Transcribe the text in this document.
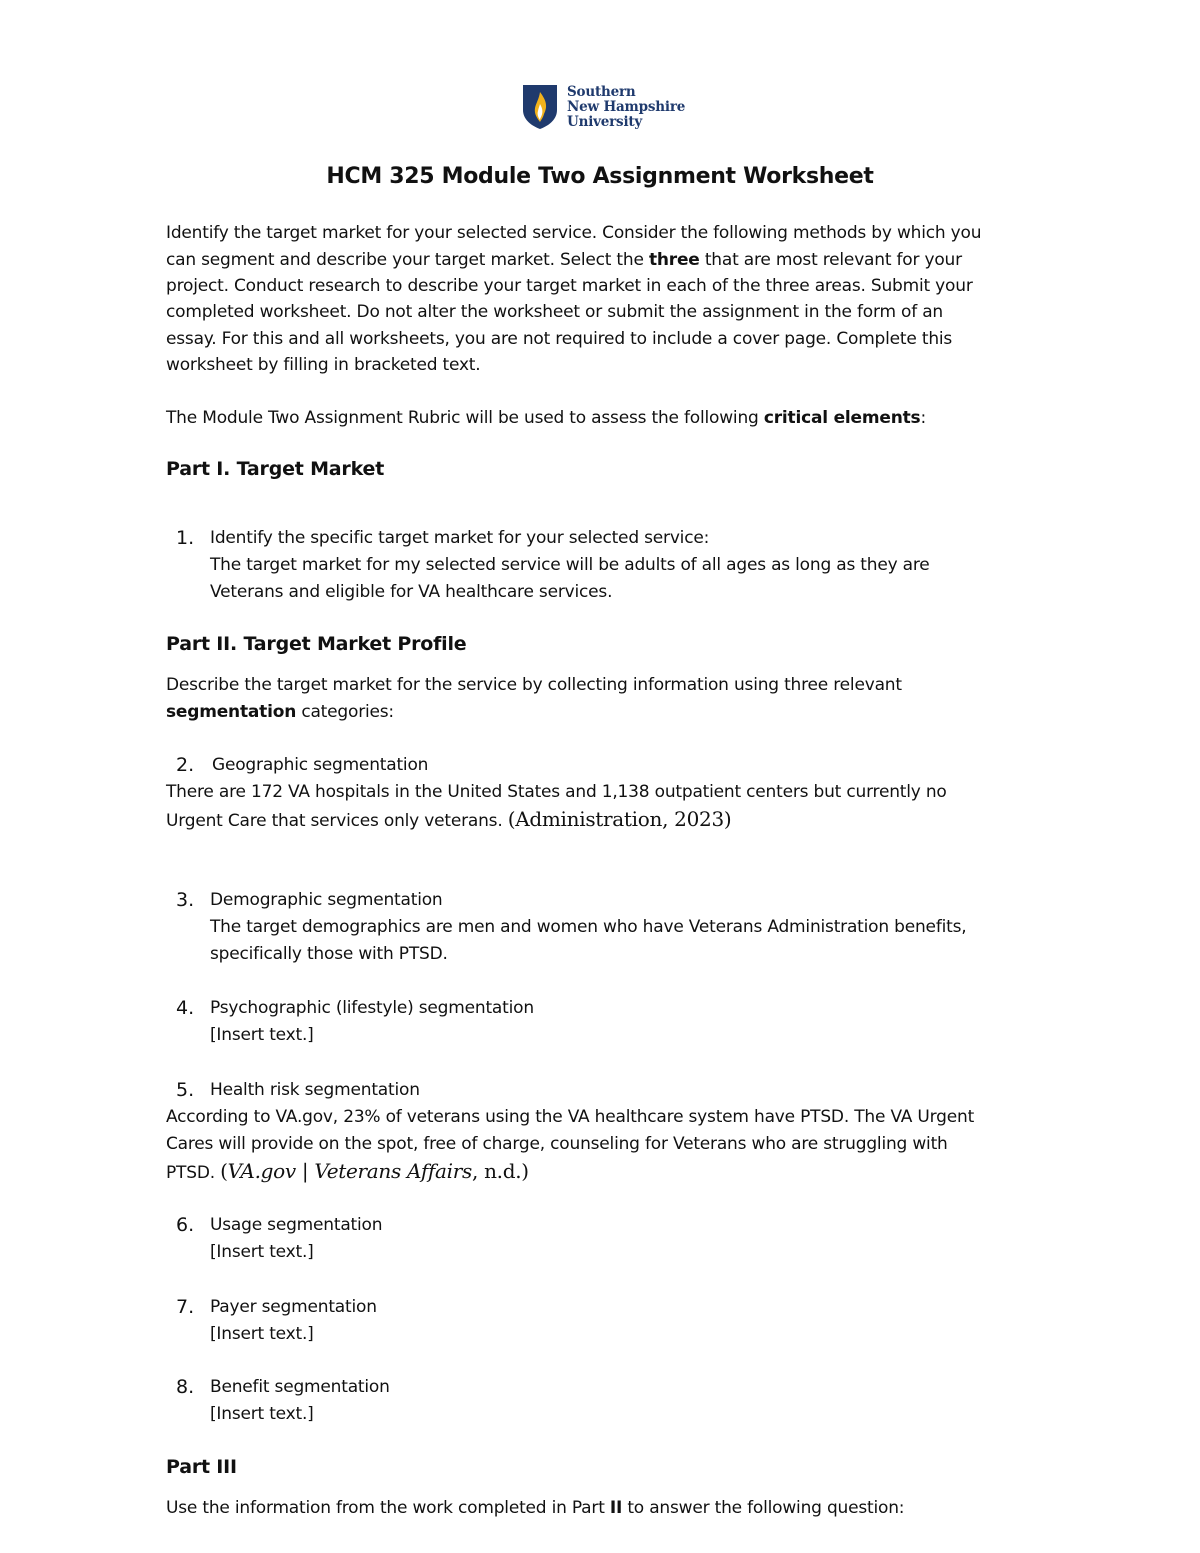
Southern
New Hampshire
University
HCM 325 Module Two Assignment Worksheet
Identify the target market for your selected service. Consider the following methods by which you
can segment and describe your target market. Select the three that are most relevant for your
project. Conduct research to describe your target market in each of the three areas. Submit your
completed worksheet. Do not alter the worksheet or submit the assignment in the form of an
essay. For this and all worksheets, you are not required to include a cover page. Complete this
worksheet by filling in bracketed text.
The Module Two Assignment Rubric will be used to assess the following critical elements:
Part I. Target Market
1. Identify the specific target market for your selected service:
The target market for my selected service will be adults of all ages as long as they are
Veterans and eligible for VA healthcare services.
Part II. Target Market Profile
Describe the target market for the service by collecting information using three relevant
segmentation categories:
2. Geographic segmentation
There are 172 VA hospitals in the United States and 1,138 outpatient centers but currently no
Urgent Care that services only veterans. (Administration, 2023)
3. Demographic segmentation
The target demographics are men and women who have Veterans Administration benefits,
specifically those with PTSD.
4. Psychographic (lifestyle) segmentation
[Insert text.]
5. Health risk segmentation
According to VA.gov, 23% of veterans using the VA healthcare system have PTSD. The VA Urgent
Cares will provide on the spot, free of charge, counseling for Veterans who are struggling with
PTSD. (VA.gov | Veterans Affairs, n.d.)
6. Usage segmentation
[Insert text.]
7. Payer segmentation
[Insert text.]
8. Benefit segmentation
[Insert text.]
Part III
Use the information from the work completed in Part II to answer the following question:
